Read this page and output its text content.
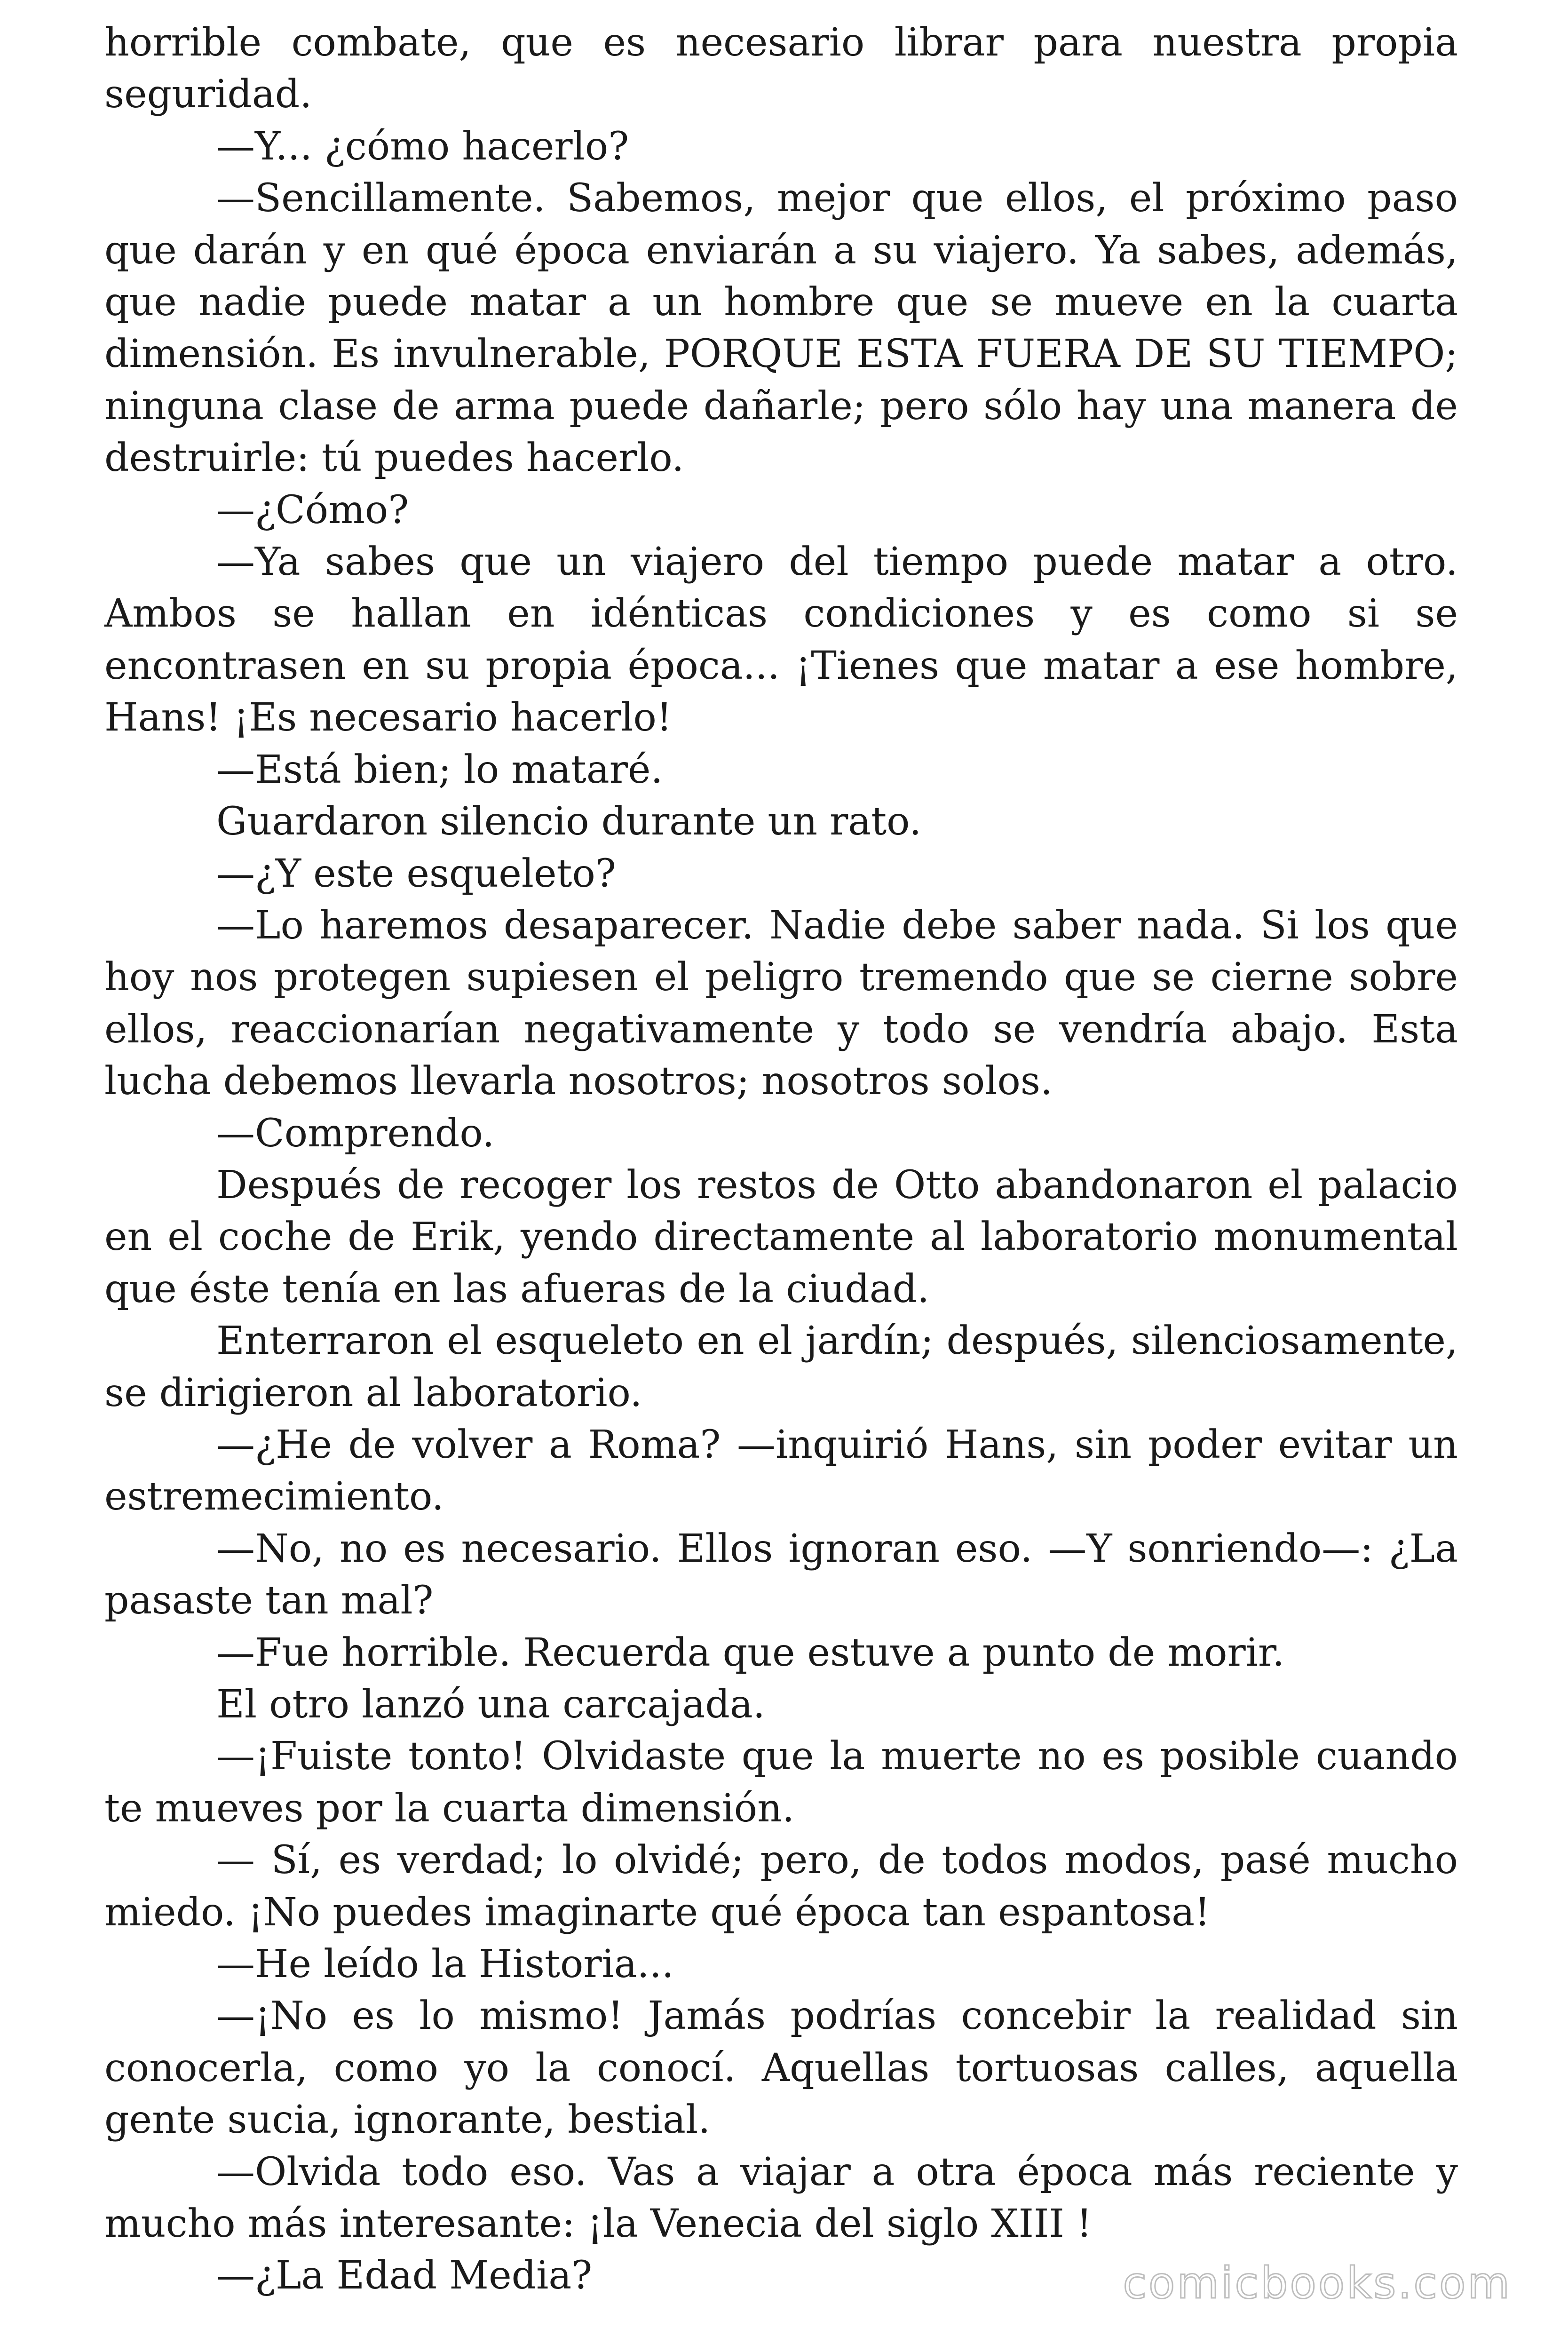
horrible combate, que es necesario librar para nuestra propia seguridad.

—Y... ¿cómo hacerlo?

—Sencillamente. Sabemos, mejor que ellos, el próximo paso que darán y en qué época enviarán a su viajero. Ya sabes, además, que nadie puede matar a un hombre que se mueve en la cuarta dimensión. Es invulnerable, PORQUE ESTA FUERA DE SU TIEMPO; ninguna clase de arma puede dañarle; pero sólo hay una manera de destruirle: tú puedes hacerlo.

—¿Cómo?

—Ya sabes que un viajero del tiempo puede matar a otro. Ambos se hallan en idénticas condiciones y es como si se encontrasen en su propia época... ¡Tienes que matar a ese hombre, Hans! ¡Es necesario hacerlo!

—Está bien; lo mataré.

Guardaron silencio durante un rato.

—¿Y este esqueleto?

—Lo haremos desaparecer. Nadie debe saber nada. Si los que hoy nos protegen supiesen el peligro tremendo que se cierne sobre ellos, reaccionarían negativamente y todo se vendría abajo. Esta lucha debemos llevarla nosotros; nosotros solos.

—Comprendo.

Después de recoger los restos de Otto abandonaron el palacio en el coche de Erik, yendo directamente al laboratorio monumental que éste tenía en las afueras de la ciudad.

Enterraron el esqueleto en el jardín; después, silenciosamente, se dirigieron al laboratorio.

—¿He de volver a Roma? —inquirió Hans, sin poder evitar un estremecimiento.

—No, no es necesario. Ellos ignoran eso. —Y sonriendo—: ¿La pasaste tan mal?

—Fue horrible. Recuerda que estuve a punto de morir.

El otro lanzó una carcajada.

—¡Fuiste tonto! Olvidaste que la muerte no es posible cuando te mueves por la cuarta dimensión.

— Sí, es verdad; lo olvidé; pero, de todos modos, pasé mucho miedo. ¡No puedes imaginarte qué época tan espantosa!

—He leído la Historia...

—¡No es lo mismo! Jamás podrías concebir la realidad sin conocerla, como yo la conocí. Aquellas tortuosas calles, aquella gente sucia, ignorante, bestial.

—Olvida todo eso. Vas a viajar a otra época más reciente y mucho más interesante: ¡la Venecia del siglo XIII !

—¿La Edad Media?	comicbooks.com
